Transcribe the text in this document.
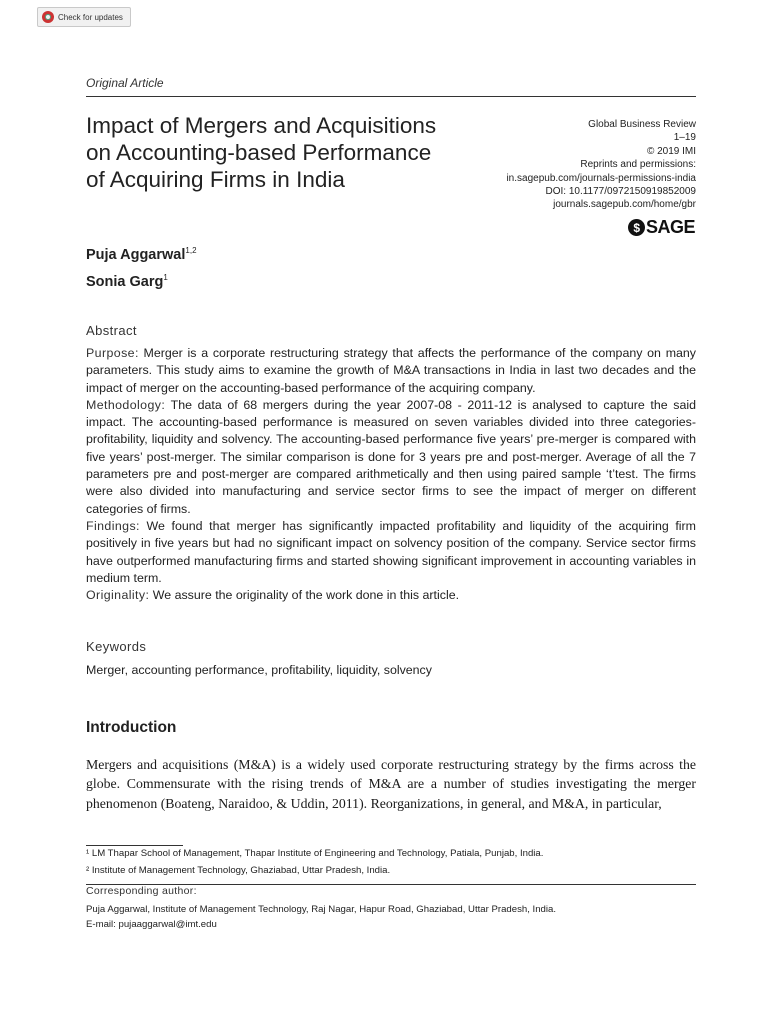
Check for updates
Original Article
Impact of Mergers and Acquisitions
on Accounting-based Performance
of Acquiring Firms in India
Global Business Review
1–19
© 2019 IMI
Reprints and permissions:
in.sagepub.com/journals-permissions-india
DOI: 10.1177/0972150919852009
journals.sagepub.com/home/gbr
$ SAGE
Puja Aggarwal$^{1,2}$
Sonia Garg$^1$
Abstract

Purpose: Merger is a corporate restructuring strategy that affects the performance of the company on many parameters. This study aims to examine the growth of M&A transactions in India in last two decades and the impact of merger on the accounting-based performance of the acquiring company.

Methodology: The data of 68 mergers during the year 2007-08 - 2011-12 is analysed to capture the said impact. The accounting-based performance is measured on seven variables divided into three categories- profitability, liquidity and solvency. The accounting-based performance five years’ pre-merger is compared with five years’ post-merger. The similar comparison is done for 3 years pre and post-merger. Average of all the 7 parameters pre and post-merger are compared arithmetically and then using paired sample ‘t’test. The firms were also divided into manufacturing and service sector firms to see the impact of merger on different categories of firms.

Findings: We found that merger has significantly impacted profitability and liquidity of the acquiring firm positively in five years but had no significant impact on solvency position of the company. Service sector firms have outperformed manufacturing firms and started showing significant improvement in accounting variables in medium term.

Originality: We assure the originality of the work done in this article.

Keywords
Merger, accounting performance, profitability, liquidity, solvency
Introduction
Mergers and acquisitions (M&A) is a widely used corporate restructuring strategy by the firms across the globe. Commensurate with the rising trends of M&A are a number of studies investigating the merger phenomenon (Boateng, Naraidoo, & Uddin, 2011). Reorganizations, in general, and M&A, in particular,
¹ LM Thapar School of Management, Thapar Institute of Engineering and Technology, Patiala, Punjab, India.
² Institute of Management Technology, Ghaziabad, Uttar Pradesh, India.
Corresponding author:
Puja Aggarwal, Institute of Management Technology, Raj Nagar, Hapur Road, Ghaziabad, Uttar Pradesh, India.
E-mail: pujaaggarwal@imt.edu
